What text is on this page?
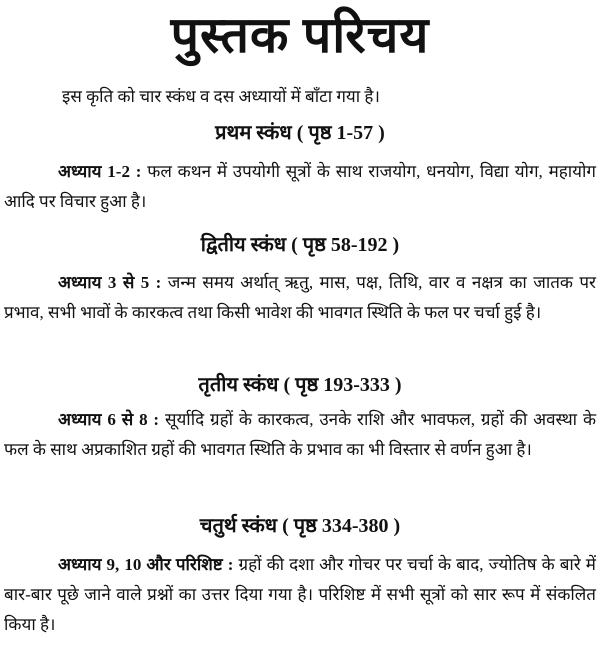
पुस्तक परिचय
इस कृति को चार स्कंध व दस अध्यायों में बाँटा गया है।
प्रथम स्कंध ( पृष्ठ 1-57 )
अध्याय 1-2 : फल कथन में उपयोगी सूत्रों के साथ राजयोग, धनयोग, विद्या योग, महायोग आदि पर विचार हुआ है।
द्वितीय स्कंध ( पृष्ठ 58-192 )
अध्याय 3 से 5 : जन्म समय अर्थात् ऋतु, मास, पक्ष, तिथि, वार व नक्षत्र का जातक पर प्रभाव, सभी भावों के कारकत्व तथा किसी भावेश की भावगत स्थिति के फल पर चर्चा हुई है।
तृतीय स्कंध ( पृष्ठ 193-333 )
अध्याय 6 से 8 : सूर्यादि ग्रहों के कारकत्व, उनके राशि और भावफल, ग्रहों की अवस्था के फल के साथ अप्रकाशित ग्रहों की भावगत स्थिति के प्रभाव का भी विस्तार से वर्णन हुआ है।
चतुर्थ स्कंध ( पृष्ठ 334-380 )
अध्याय 9, 10 और परिशिष्ट : ग्रहों की दशा और गोचर पर चर्चा के बाद, ज्योतिष के बारे में बार-बार पूछे जाने वाले प्रश्नों का उत्तर दिया गया है। परिशिष्ट में सभी सूत्रों को सार रूप में संकलित किया है।
